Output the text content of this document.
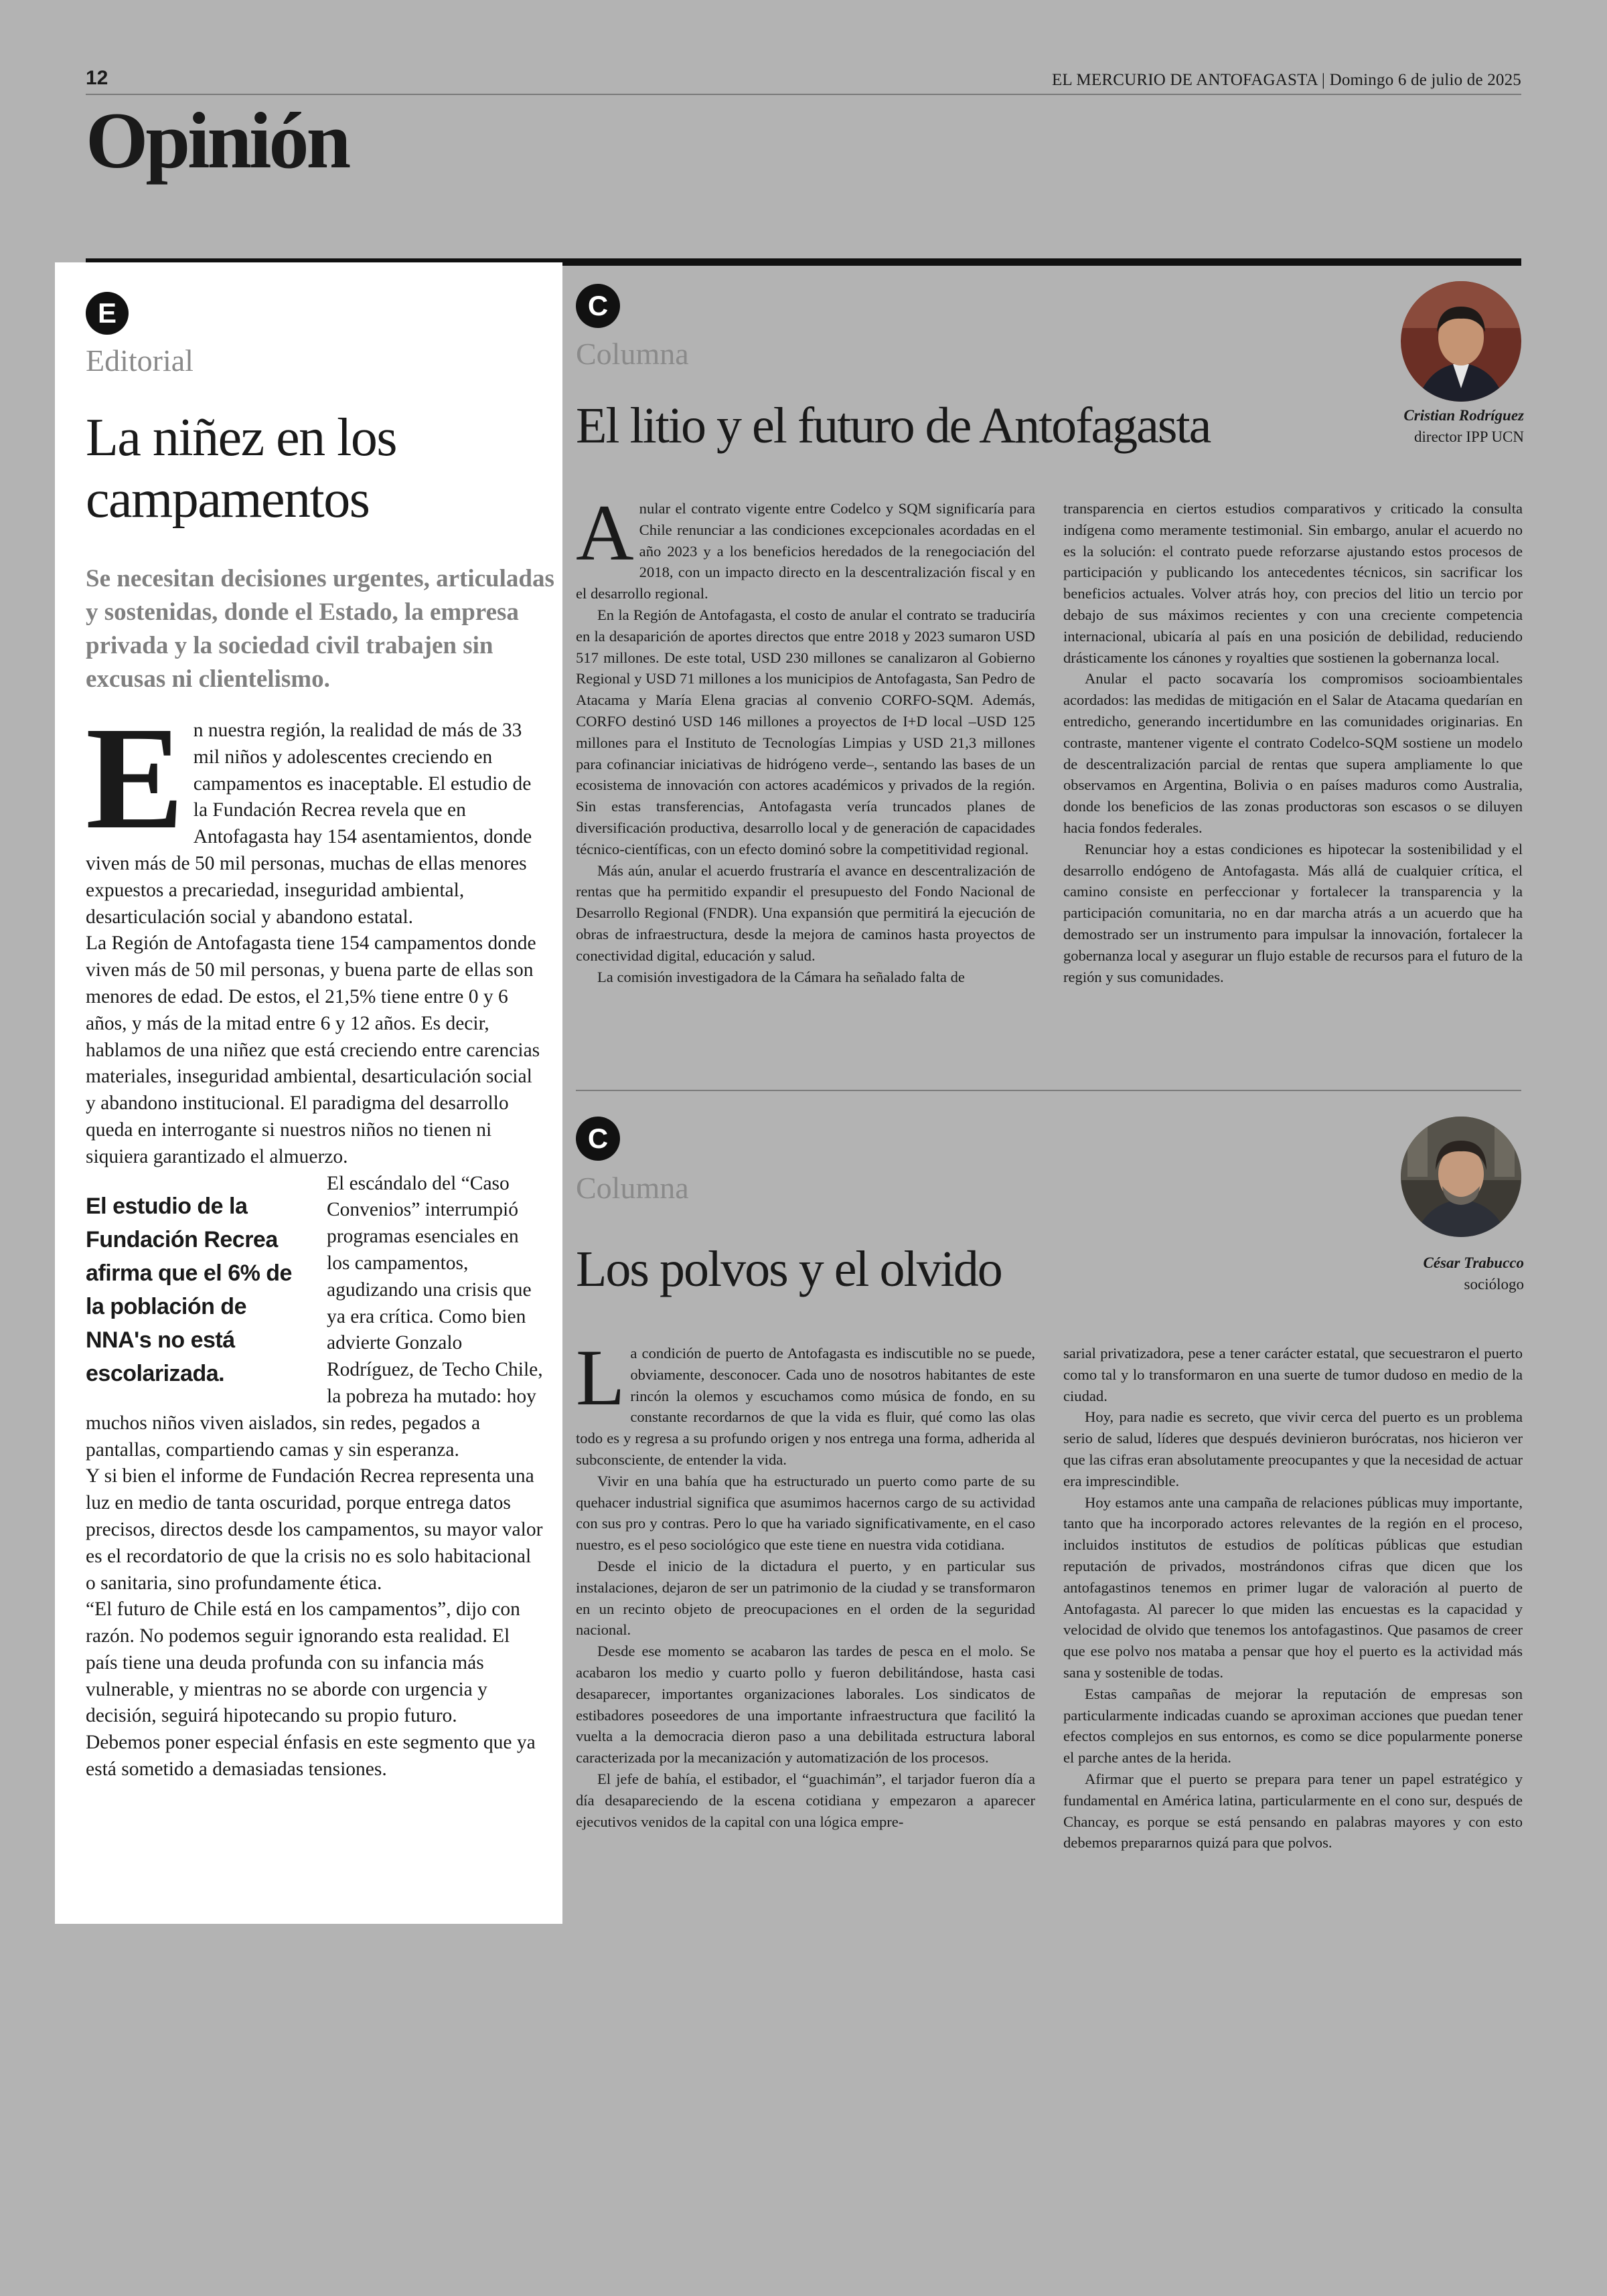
12	EL MERCURIO DE ANTOFAGASTA | Domingo 6 de julio de 2025
Opinión
E
Editorial
La niñez en los campamentos
Se necesitan decisiones urgentes, articuladas y sostenidas, donde el Estado, la empresa privada y la sociedad civil trabajen sin excusas ni clientelismo.

En nuestra región, la realidad de más de 33 mil niños y adolescentes creciendo en campamentos es inaceptable. El estudio de la Fundación Recrea revela que en Antofagasta hay 154 asentamientos, donde viven más de 50 mil personas, muchas de ellas menores expuestos a precariedad, inseguridad ambiental, desarticulación social y abandono estatal.

La Región de Antofagasta tiene 154 campamentos donde viven más de 50 mil personas, y buena parte de ellas son menores de edad. De estos, el 21,5% tiene entre 0 y 6 años, y más de la mitad entre 6 y 12 años. Es decir, hablamos de una niñez que está creciendo entre carencias materiales, inseguridad ambiental, desarticulación social y abandono institucional. El paradigma del desarrollo queda en interrogante si nuestros niños no tienen ni siquiera garantizado el almuerzo.

El estudio de la Fundación Recrea afirma que el 6% de la población de NNA's no está escolarizada.

El escándalo del “Caso Convenios” interrumpió programas esenciales en los campamentos, agudizando una crisis que ya era crítica. Como bien advierte Gonzalo Rodríguez, de Techo Chile, la pobreza ha mutado: hoy muchos niños viven aislados, sin redes, pegados a pantallas, compartiendo camas y sin esperanza.

Y si bien el informe de Fundación Recrea representa una luz en medio de tanta oscuridad, porque entrega datos precisos, directos desde los campamentos, su mayor valor es el recordatorio de que la crisis no es solo habitacional o sanitaria, sino profundamente ética.

“El futuro de Chile está en los campamentos”, dijo con razón. No podemos seguir ignorando esta realidad. El país tiene una deuda profunda con su infancia más vulnerable, y mientras no se aborde con urgencia y decisión, seguirá hipotecando su propio futuro.

Debemos poner especial énfasis en este segmento que ya está sometido a demasiadas tensiones.

C
Columna
El litio y el futuro de Antofagasta	Cristian Rodríguez
director IPP UCN

Anular el contrato vigente entre Codelco y SQM significaría para Chile renunciar a las condiciones excepcionales acordadas en el año 2023 y a los beneficios heredados de la renegociación del 2018, con un impacto directo en la descentralización fiscal y en el desarrollo regional.

En la Región de Antofagasta, el costo de anular el contrato se traduciría en la desaparición de aportes directos que entre 2018 y 2023 sumaron USD 517 millones. De este total, USD 230 millones se canalizaron al Gobierno Regional y USD 71 millones a los municipios de Antofagasta, San Pedro de Atacama y María Elena gracias al convenio CORFO-SQM. Además, CORFO destinó USD 146 millones a proyectos de I+D local –USD 125 millones para el Instituto de Tecnologías Limpias y USD 21,3 millones para cofinanciar iniciativas de hidrógeno verde–, sentando las bases de un ecosistema de innovación con actores académicos y privados de la región. Sin estas transferencias, Antofagasta vería truncados planes de diversificación productiva, desarrollo local y de generación de capacidades técnico-científicas, con un efecto dominó sobre la competitividad regional.

Más aún, anular el acuerdo frustraría el avance en descentralización de rentas que ha permitido expandir el presupuesto del Fondo Nacional de Desarrollo Regional (FNDR). Una expansión que permitirá la ejecución de obras de infraestructura, desde la mejora de caminos hasta proyectos de conectividad digital, educación y salud.

La comisión investigadora de la Cámara ha señalado falta de

transparencia en ciertos estudios comparativos y criticado la consulta indígena como meramente testimonial. Sin embargo, anular el acuerdo no es la solución: el contrato puede reforzarse ajustando estos procesos de participación y publicando los antecedentes técnicos, sin sacrificar los beneficios actuales. Volver atrás hoy, con precios del litio un tercio por debajo de sus máximos recientes y con una creciente competencia internacional, ubicaría al país en una posición de debilidad, reduciendo drásticamente los cánones y royalties que sostienen la gobernanza local.

Anular el pacto socavaría los compromisos socioambientales acordados: las medidas de mitigación en el Salar de Atacama quedarían en entredicho, generando incertidumbre en las comunidades originarias. En contraste, mantener vigente el contrato Codelco-SQM sostiene un modelo de descentralización parcial de rentas que supera ampliamente lo que observamos en Argentina, Bolivia o en países maduros como Australia, donde los beneficios de las zonas productoras son escasos o se diluyen hacia fondos federales.

Renunciar hoy a estas condiciones es hipotecar la sostenibilidad y el desarrollo endógeno de Antofagasta. Más allá de cualquier crítica, el camino consiste en perfeccionar y fortalecer la transparencia y la participación comunitaria, no en dar marcha atrás a un acuerdo que ha demostrado ser un instrumento para impulsar la innovación, fortalecer la gobernanza local y asegurar un flujo estable de recursos para el futuro de la región y sus comunidades.

C
Columna
Los polvos y el olvido	César Trabucco
sociólogo

La condición de puerto de Antofagasta es indiscutible no se puede, obviamente, desconocer. Cada uno de nosotros habitantes de este rincón la olemos y escuchamos como música de fondo, en su constante recordarnos de que la vida es fluir, qué como las olas todo es y regresa a su profundo origen y nos entrega una forma, adherida al subconsciente, de entender la vida.

Vivir en una bahía que ha estructurado un puerto como parte de su quehacer industrial significa que asumimos hacernos cargo de su actividad con sus pro y contras. Pero lo que ha variado significativamente, en el caso nuestro, es el peso sociológico que este tiene en nuestra vida cotidiana.

Desde el inicio de la dictadura el puerto, y en particular sus instalaciones, dejaron de ser un patrimonio de la ciudad y se transformaron en un recinto objeto de preocupaciones en el orden de la seguridad nacional.

Desde ese momento se acabaron las tardes de pesca en el molo. Se acabaron los medio y cuarto pollo y fueron debilitándose, hasta casi desaparecer, importantes organizaciones laborales. Los sindicatos de estibadores poseedores de una importante infraestructura que facilitó la vuelta a la democracia dieron paso a una debilitada estructura laboral caracterizada por la mecanización y automatización de los procesos.

El jefe de bahía, el estibador, el “guachimán”, el tarjador fueron día a día desapareciendo de la escena cotidiana y empezaron a aparecer ejecutivos venidos de la capital con una lógica empre-

sarial privatizadora, pese a tener carácter estatal, que secuestraron el puerto como tal y lo transformaron en una suerte de tumor dudoso en medio de la ciudad.

Hoy, para nadie es secreto, que vivir cerca del puerto es un problema serio de salud, líderes que después devinieron burócratas, nos hicieron ver que las cifras eran absolutamente preocupantes y que la necesidad de actuar era imprescindible.

Hoy estamos ante una campaña de relaciones públicas muy importante, tanto que ha incorporado actores relevantes de la región en el proceso, incluidos institutos de estudios de políticas públicas que estudian reputación de privados, mostrándonos cifras que dicen que los antofagastinos tenemos en primer lugar de valoración al puerto de Antofagasta. Al parecer lo que miden las encuestas es la capacidad y velocidad de olvido que tenemos los antofagastinos. Que pasamos de creer que ese polvo nos mataba a pensar que hoy el puerto es la actividad más sana y sostenible de todas.

Estas campañas de mejorar la reputación de empresas son particularmente indicadas cuando se aproximan acciones que puedan tener efectos complejos en sus entornos, es como se dice popularmente ponerse el parche antes de la herida.

Afirmar que el puerto se prepara para tener un papel estratégico y fundamental en América latina, particularmente en el cono sur, después de Chancay, es porque se está pensando en palabras mayores y con esto debemos prepararnos quizá para que polvos.
